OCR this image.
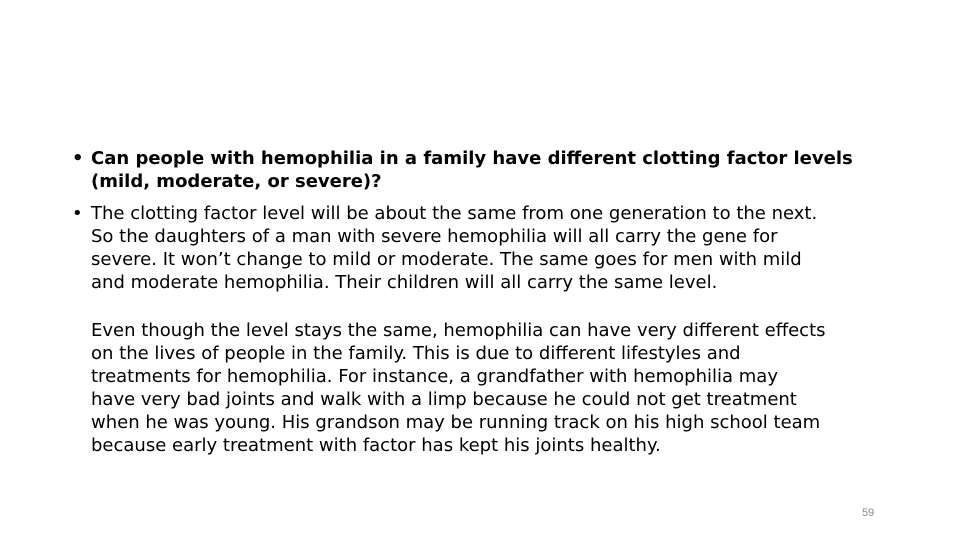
• Can people with hemophilia in a family have different clotting factor levels
(mild, moderate, or severe)?
• The clotting factor level will be about the same from one generation to the next.
So the daughters of a man with severe hemophilia will all carry the gene for
severe. It won’t change to mild or moderate. The same goes for men with mild
and moderate hemophilia. Their children will all carry the same level.
Even though the level stays the same, hemophilia can have very different effects
on the lives of people in the family. This is due to different lifestyles and
treatments for hemophilia. For instance, a grandfather with hemophilia may
have very bad joints and walk with a limp because he could not get treatment
when he was young. His grandson may be running track on his high school team
because early treatment with factor has kept his joints healthy.
59
